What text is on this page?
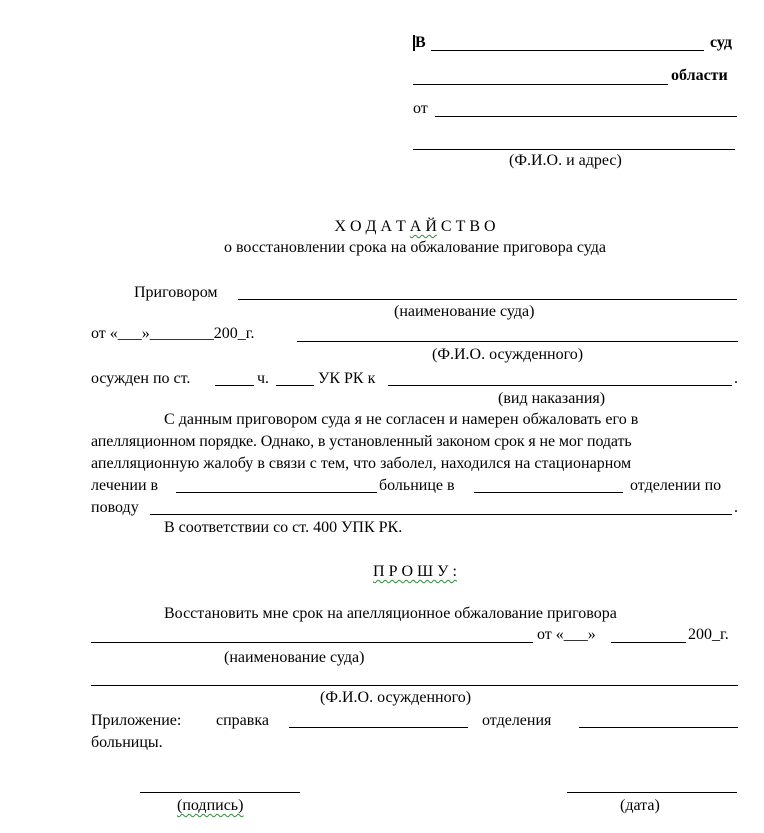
В	суд
области
от
(Ф.И.О. и адрес)
Х О Д А Т А Й С Т В О
о восстановлении срока на обжалование приговора суда
Приговором
(наименование суда)
от «___»________200_г.
(Ф.И.О. осужденного)
осужден по ст.	ч.	УК РК к	.
(вид наказания)
С данным приговором суда я не согласен и намерен обжаловать его в
апелляционном порядке. Однако, в установленный законом срок я не мог подать
апелляционную жалобу в связи с тем, что заболел, находился на стационарном
лечении в	больнице в	отделении по
поводу	.
В соответствии со ст. 400 УПК РК.
П Р О Ш У :
Восстановить мне срок на апелляционное обжалование приговора
от «___»	200_г.
(наименование суда)
(Ф.И.О. осужденного)
Приложение: справка	отделения
больницы.
(подпись)	(дата)
